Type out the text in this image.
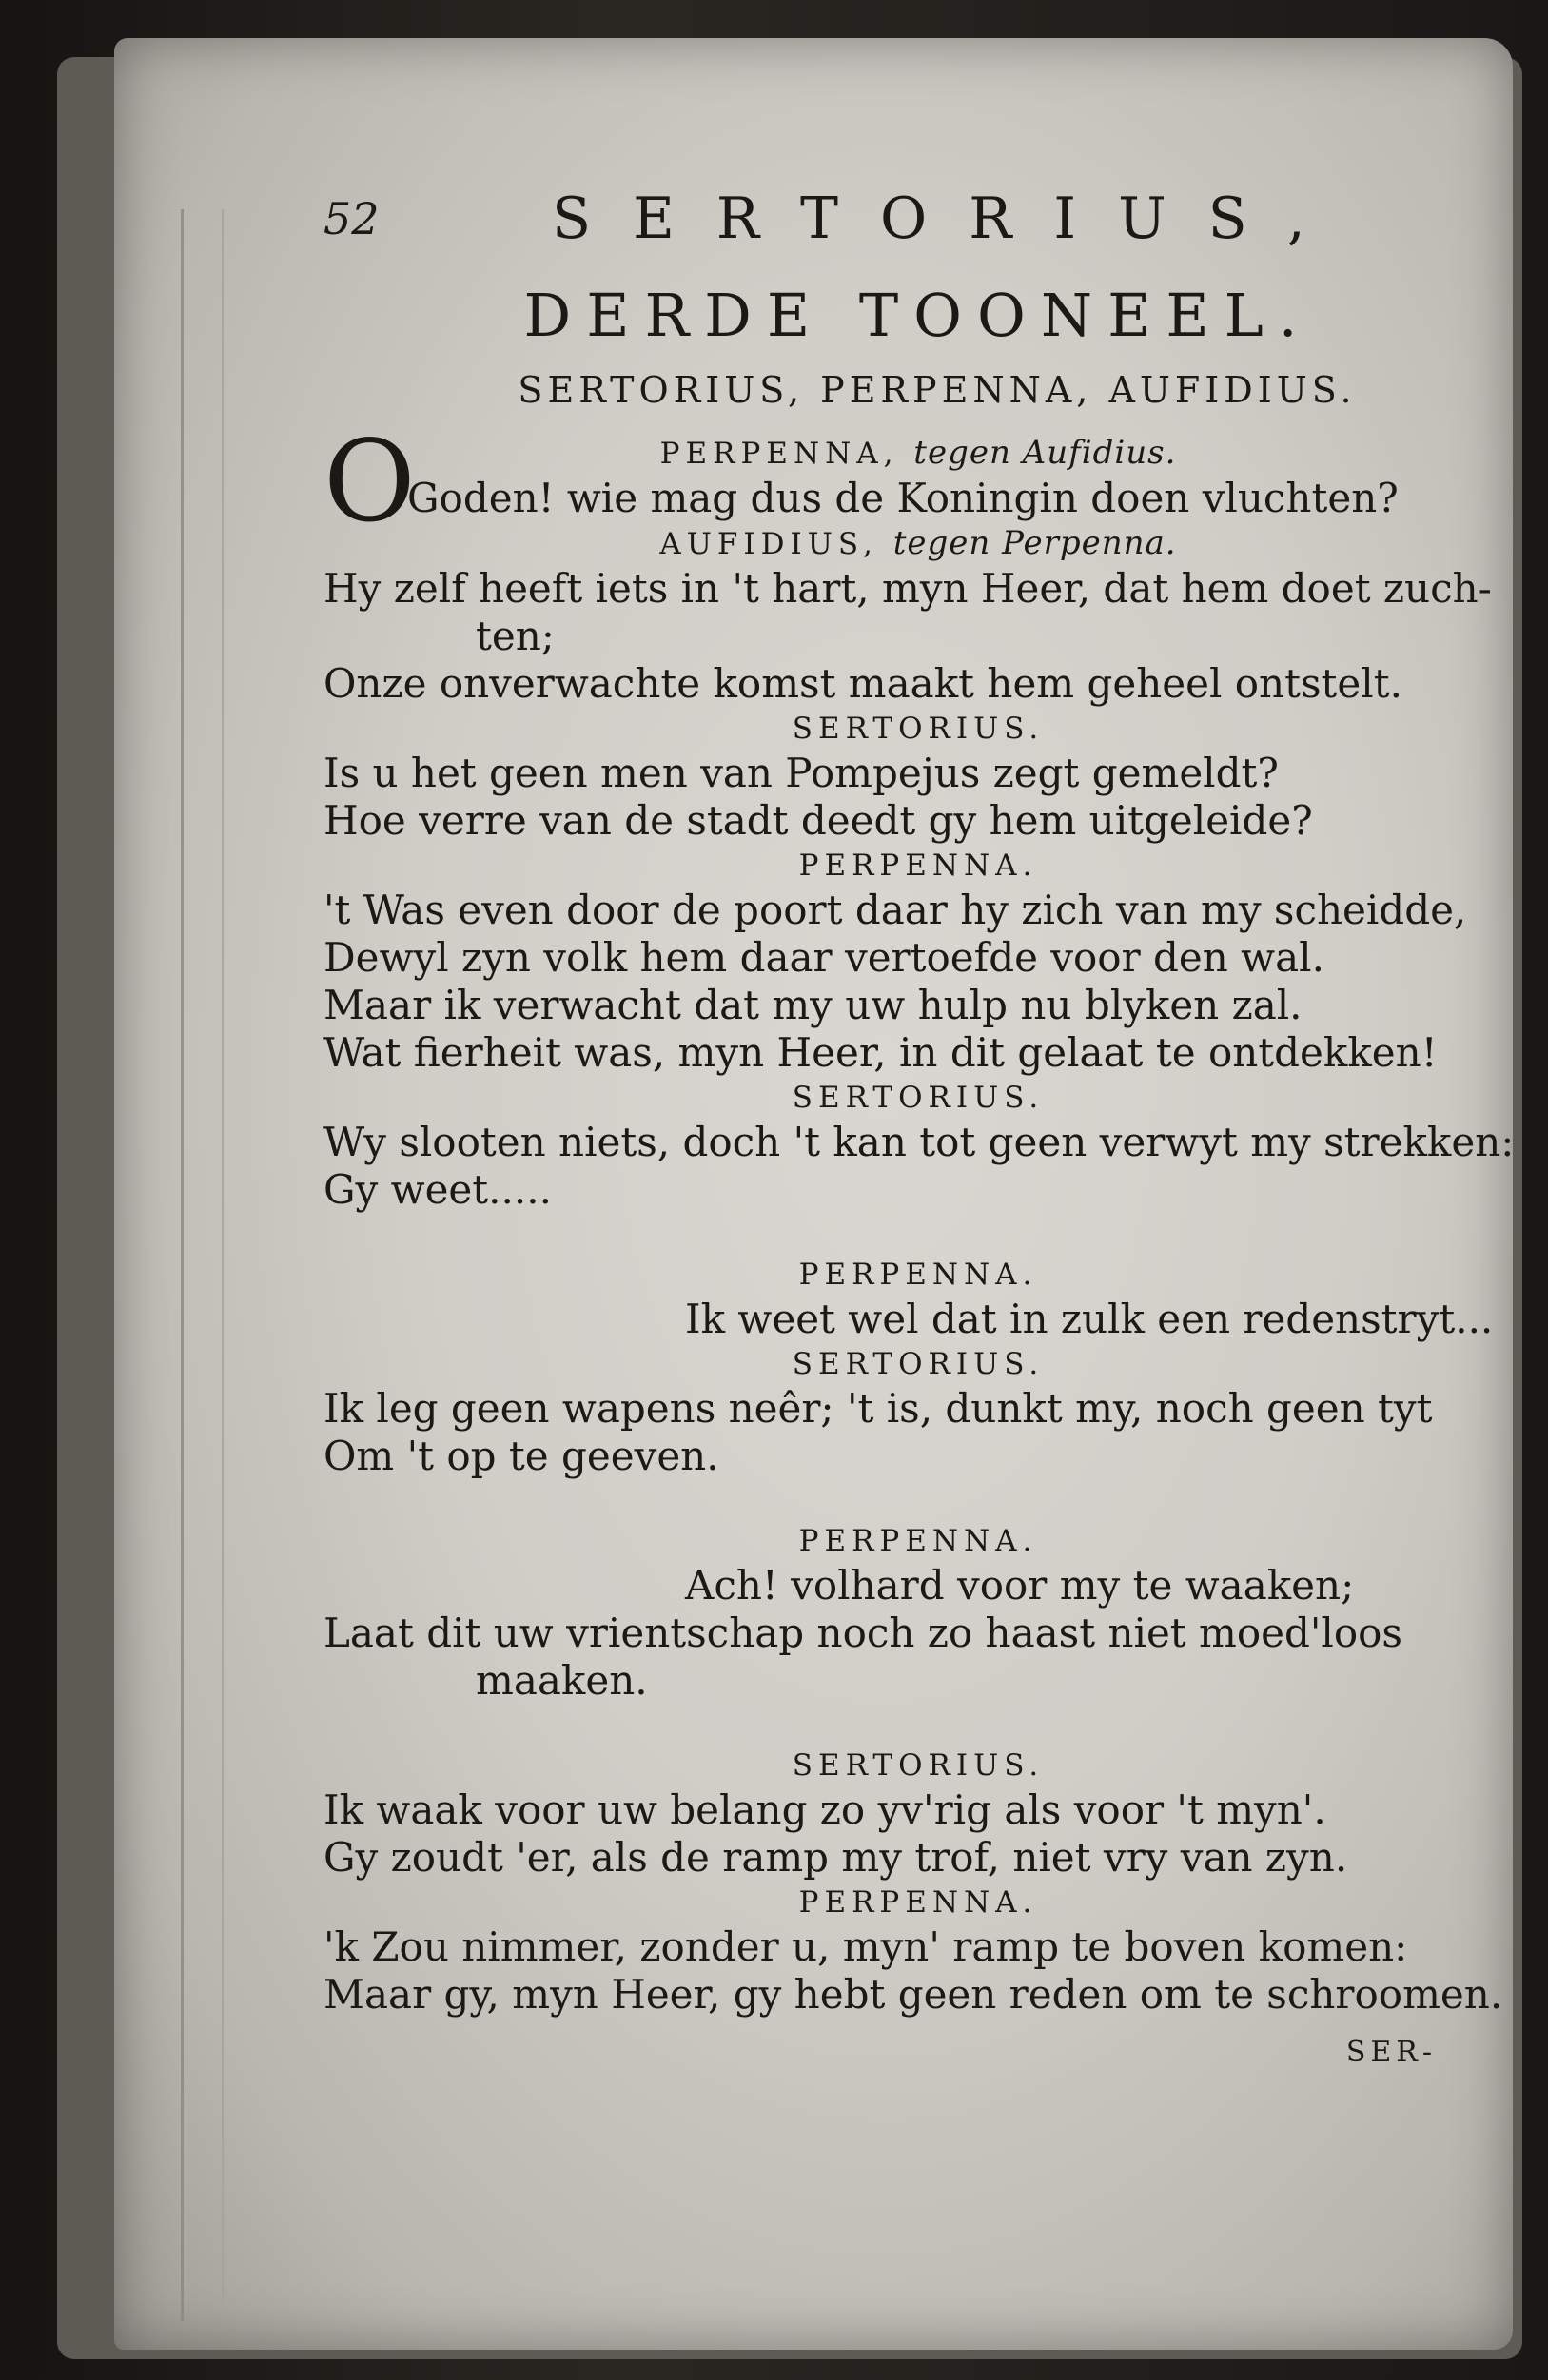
52	SERTORIUS,
DERDE TOONEEL.
SERTORIUS, PERPENNA, AUFIDIUS.
PERPENNA, tegen Aufidius.
O
Goden! wie mag dus de Koningin doen vluchten?
AUFIDIUS, tegen Perpenna.
Hy zelf heeft iets in 't hart, myn Heer, dat hem doet zuch-
ten;
Onze onverwachte komst maakt hem geheel ontstelt.
SERTORIUS.
Is u het geen men van Pompejus zegt gemeldt?
Hoe verre van de stadt deedt gy hem uitgeleide?
PERPENNA.
't Was even door de poort daar hy zich van my scheidde,
Dewyl zyn volk hem daar vertoefde voor den wal.
Maar ik verwacht dat my uw hulp nu blyken zal.
Wat fierheit was, myn Heer, in dit gelaat te ontdekken!
SERTORIUS.
Wy slooten niets, doch 't kan tot geen verwyt my strekken:
Gy weet.....
PERPENNA.
Ik weet wel dat in zulk een redenstryt...
SERTORIUS.
Ik leg geen wapens neêr; 't is, dunkt my, noch geen tyt
Om 't op te geeven.
PERPENNA.
Ach! volhard voor my te waaken;
Laat dit uw vrientschap noch zo haast niet moed'loos
maaken.
SERTORIUS.
Ik waak voor uw belang zo yv'rig als voor 't myn'.
Gy zoudt 'er, als de ramp my trof, niet vry van zyn.
PERPENNA.
'k Zou nimmer, zonder u, myn' ramp te boven komen:
Maar gy, myn Heer, gy hebt geen reden om te schroomen.
SER-
